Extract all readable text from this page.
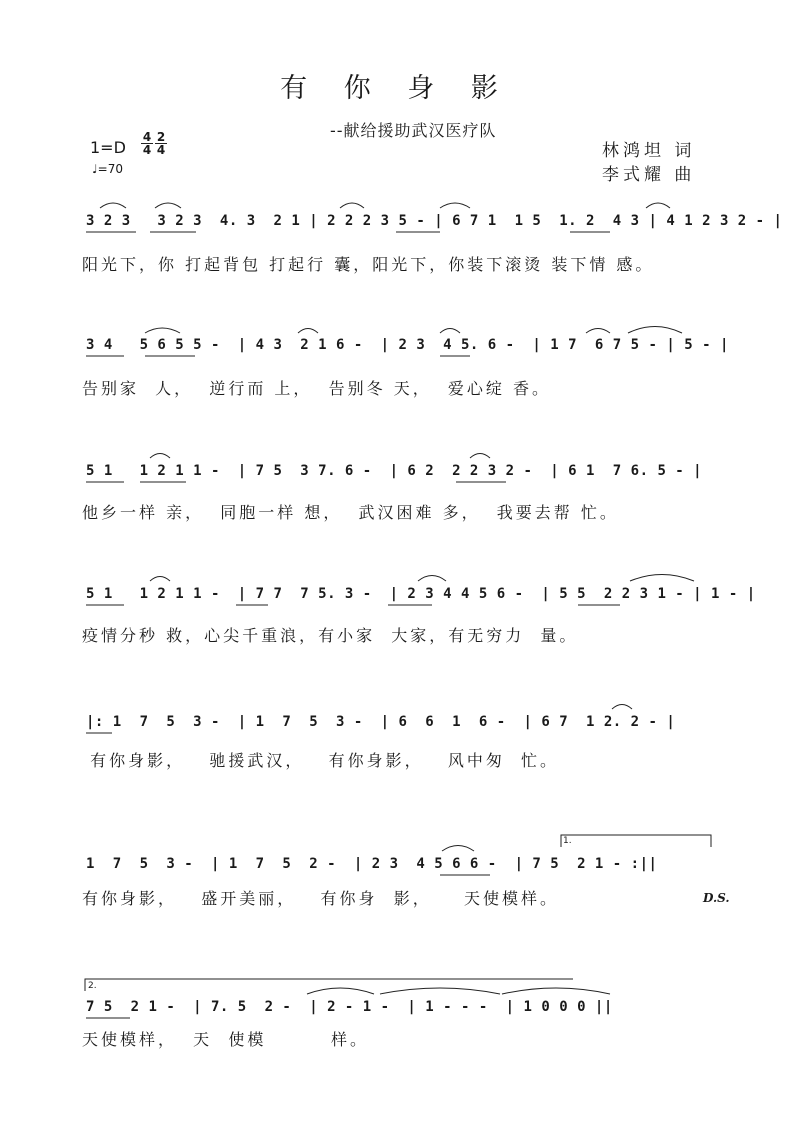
有 你 身 影
--献给援助武汉医疗队
1=D
4 2
4 4
♩=70
林鸿坦 词
李式耀 曲
3 2 3   3 2 3  4. 3  2 1 | 2 2 2 3 5 - | 6 7 1  1 5  1. 2  4 3 | 4 1 2 3 2 - |
阳光下，你 打起背包 打起行 囊，阳光下，你装下滚烫 装下情 感。
3 4   5 6 5 5 -  | 4 3  2 1 6 -  | 2 3  4 5. 6 -  | 1 7  6 7 5 - | 5 - |
告别家  人，  逆行而 上，  告别冬 天，  爱心绽 香。
5 1   1 2 1 1 -  | 7 5  3 7. 6 -  | 6 2  2 2 3 2 -  | 6 1  7 6. 5 - |
他乡一样 亲，  同胞一样 想，  武汉困难 多，  我要去帮 忙。
5 1   1 2 1 1 -  | 7 7  7 5. 3 -  | 2 3 4 4 5 6 -  | 5 5  2 2 3 1 - | 1 - |
疫情分秒 救，心尖千重浪，有小家  大家，有无穷力  量。
|: 1  7  5  3 -  | 1  7  5  3 -  | 6  6  1  6 -  | 6 7  1 2. 2 - |
有你身影，   驰援武汉，   有你身影，   风中匆  忙。
1.
1  7  5  3 -  | 1  7  5  2 -  | 2 3  4 5 6 6 -  | 7 5  2 1 - :||
有你身影，   盛开美丽，   有你身  影，    天使模样。	D.S.
2.
7 5  2 1 -  | 7. 5  2 -  | 2 - 1 -  | 1 - - -  | 1 0 0 0 ||
天使模样，  天  使模        样。
